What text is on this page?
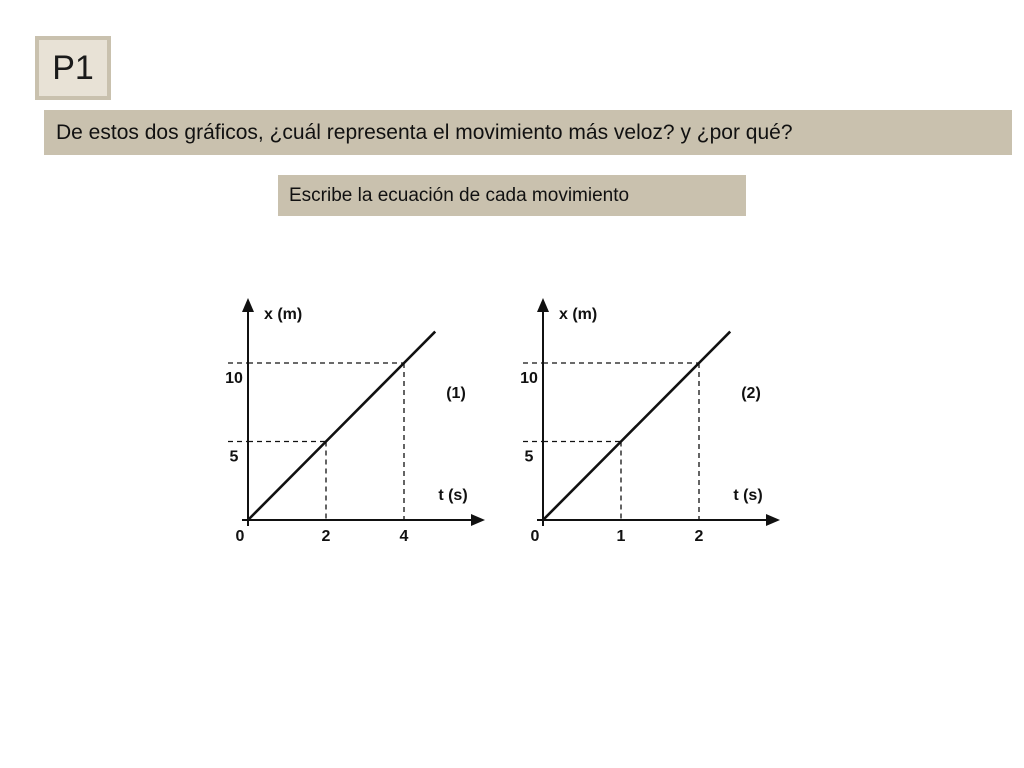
P1
De estos dos gráficos, ¿cuál representa el movimiento más veloz? y ¿por qué?
Escribe la ecuación de cada movimiento
2	4
5
10
0
x (m)
t (s)
(1)
1	2
5
10
0
x (m)
t (s)
(2)
